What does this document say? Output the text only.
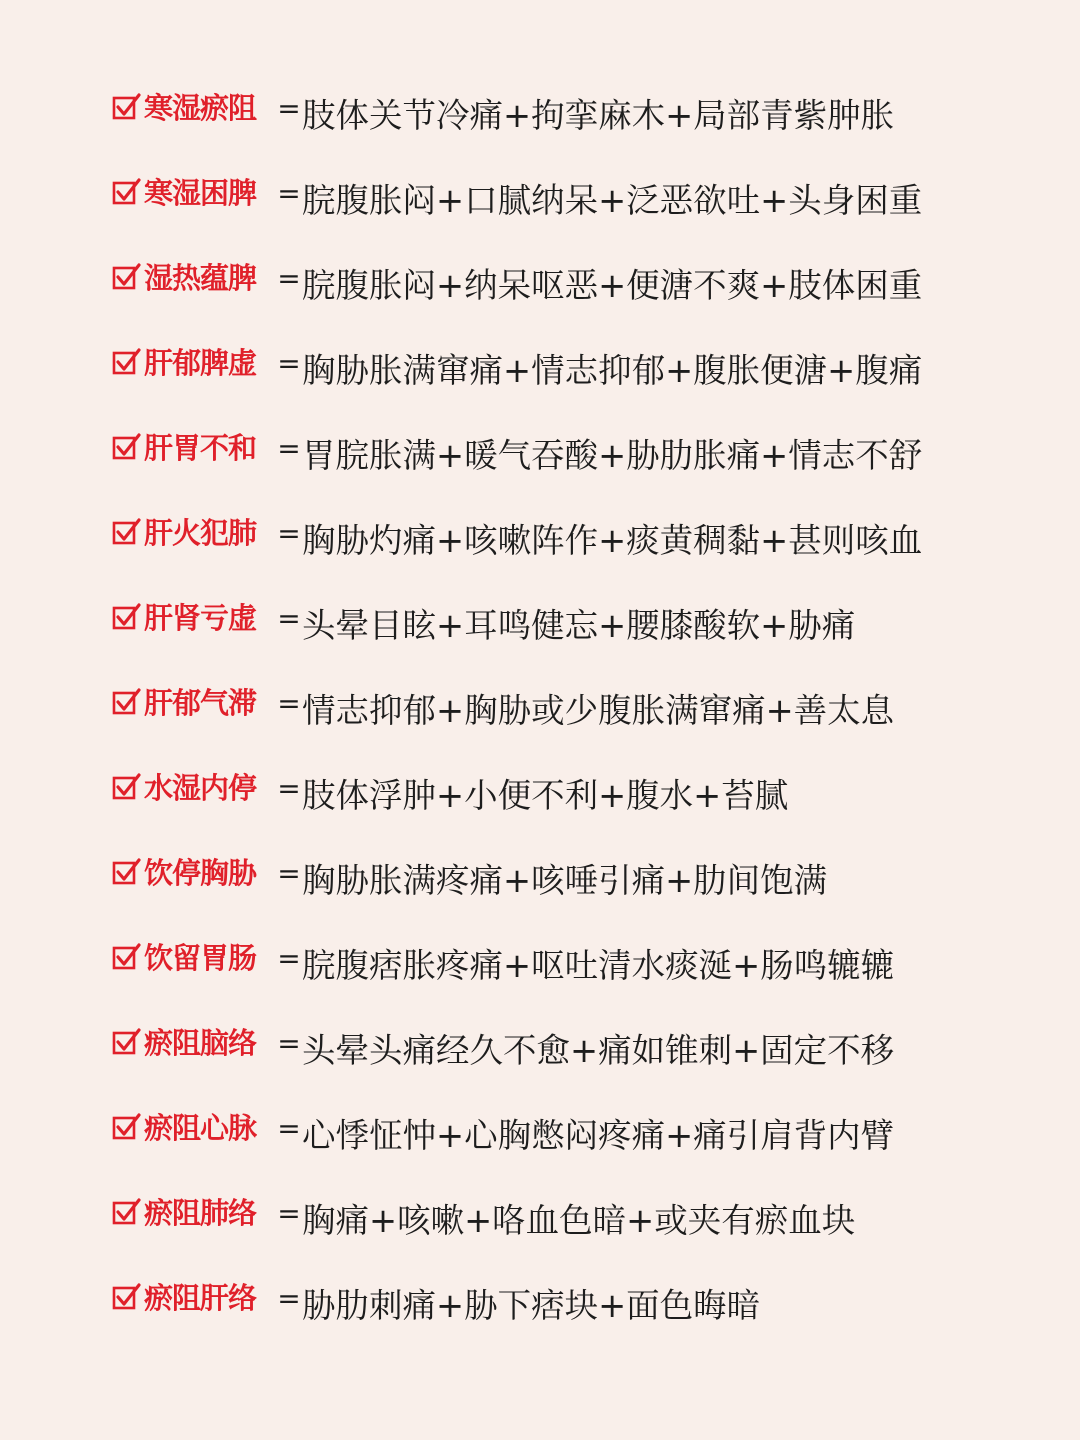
寒湿瘀阻 = 肢体关节冷痛+拘挛麻木+局部青紫肿胀
寒湿困脾 = 脘腹胀闷+口腻纳呆+泛恶欲吐+头身困重
湿热蕴脾 = 脘腹胀闷+纳呆呕恶+便溏不爽+肢体困重
肝郁脾虚 = 胸胁胀满窜痛+情志抑郁+腹胀便溏+腹痛
肝胃不和 = 胃脘胀满+暖气吞酸+胁肋胀痛+情志不舒
肝火犯肺 = 胸胁灼痛+咳嗽阵作+痰黄稠黏+甚则咳血
肝肾亏虚 = 头晕目眩+耳鸣健忘+腰膝酸软+胁痛
肝郁气滞 = 情志抑郁+胸胁或少腹胀满窜痛+善太息
水湿内停 = 肢体浮肿+小便不利+腹水+苔腻
饮停胸胁 = 胸胁胀满疼痛+咳唾引痛+肋间饱满
饮留胃肠 = 脘腹痞胀疼痛+呕吐清水痰涎+肠鸣辘辘
瘀阻脑络 = 头晕头痛经久不愈+痛如锥刺+固定不移
瘀阻心脉 = 心悸怔忡+心胸憋闷疼痛+痛引肩背内臂
瘀阻肺络 = 胸痛+咳嗽+咯血色暗+或夹有瘀血块
瘀阻肝络 = 胁肋刺痛+胁下痞块+面色晦暗
